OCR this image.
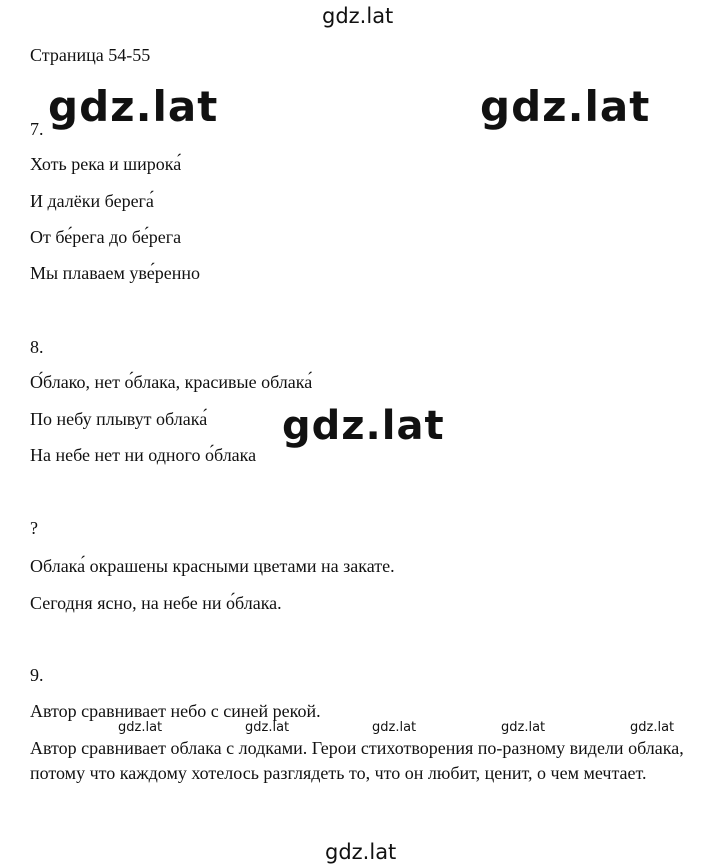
gdz.lat
Страница 54-55
gdz.lat	gdz.lat
7.
Хоть река и широка́
И далёки берега́
От бе́рега до бе́рега
Мы плаваем уве́ренно
8.
О́блако, нет о́блака, красивые облака́
По небу плывут облака́
На небе нет ни одного о́блака
gdz.lat
?
Облака́ окрашены красными цветами на закате.
Сегодня ясно, на небе ни о́блака.
9.
Автор сравнивает небо с синей рекой.
gdz.lat	gdz.lat	gdz.lat	gdz.lat	gdz.lat
Автор сравнивает облака с лодками. Герои стихотворения по-разному видели облака, потому что каждому хотелось разглядеть то, что он любит, ценит, о чем мечтает.
gdz.lat
